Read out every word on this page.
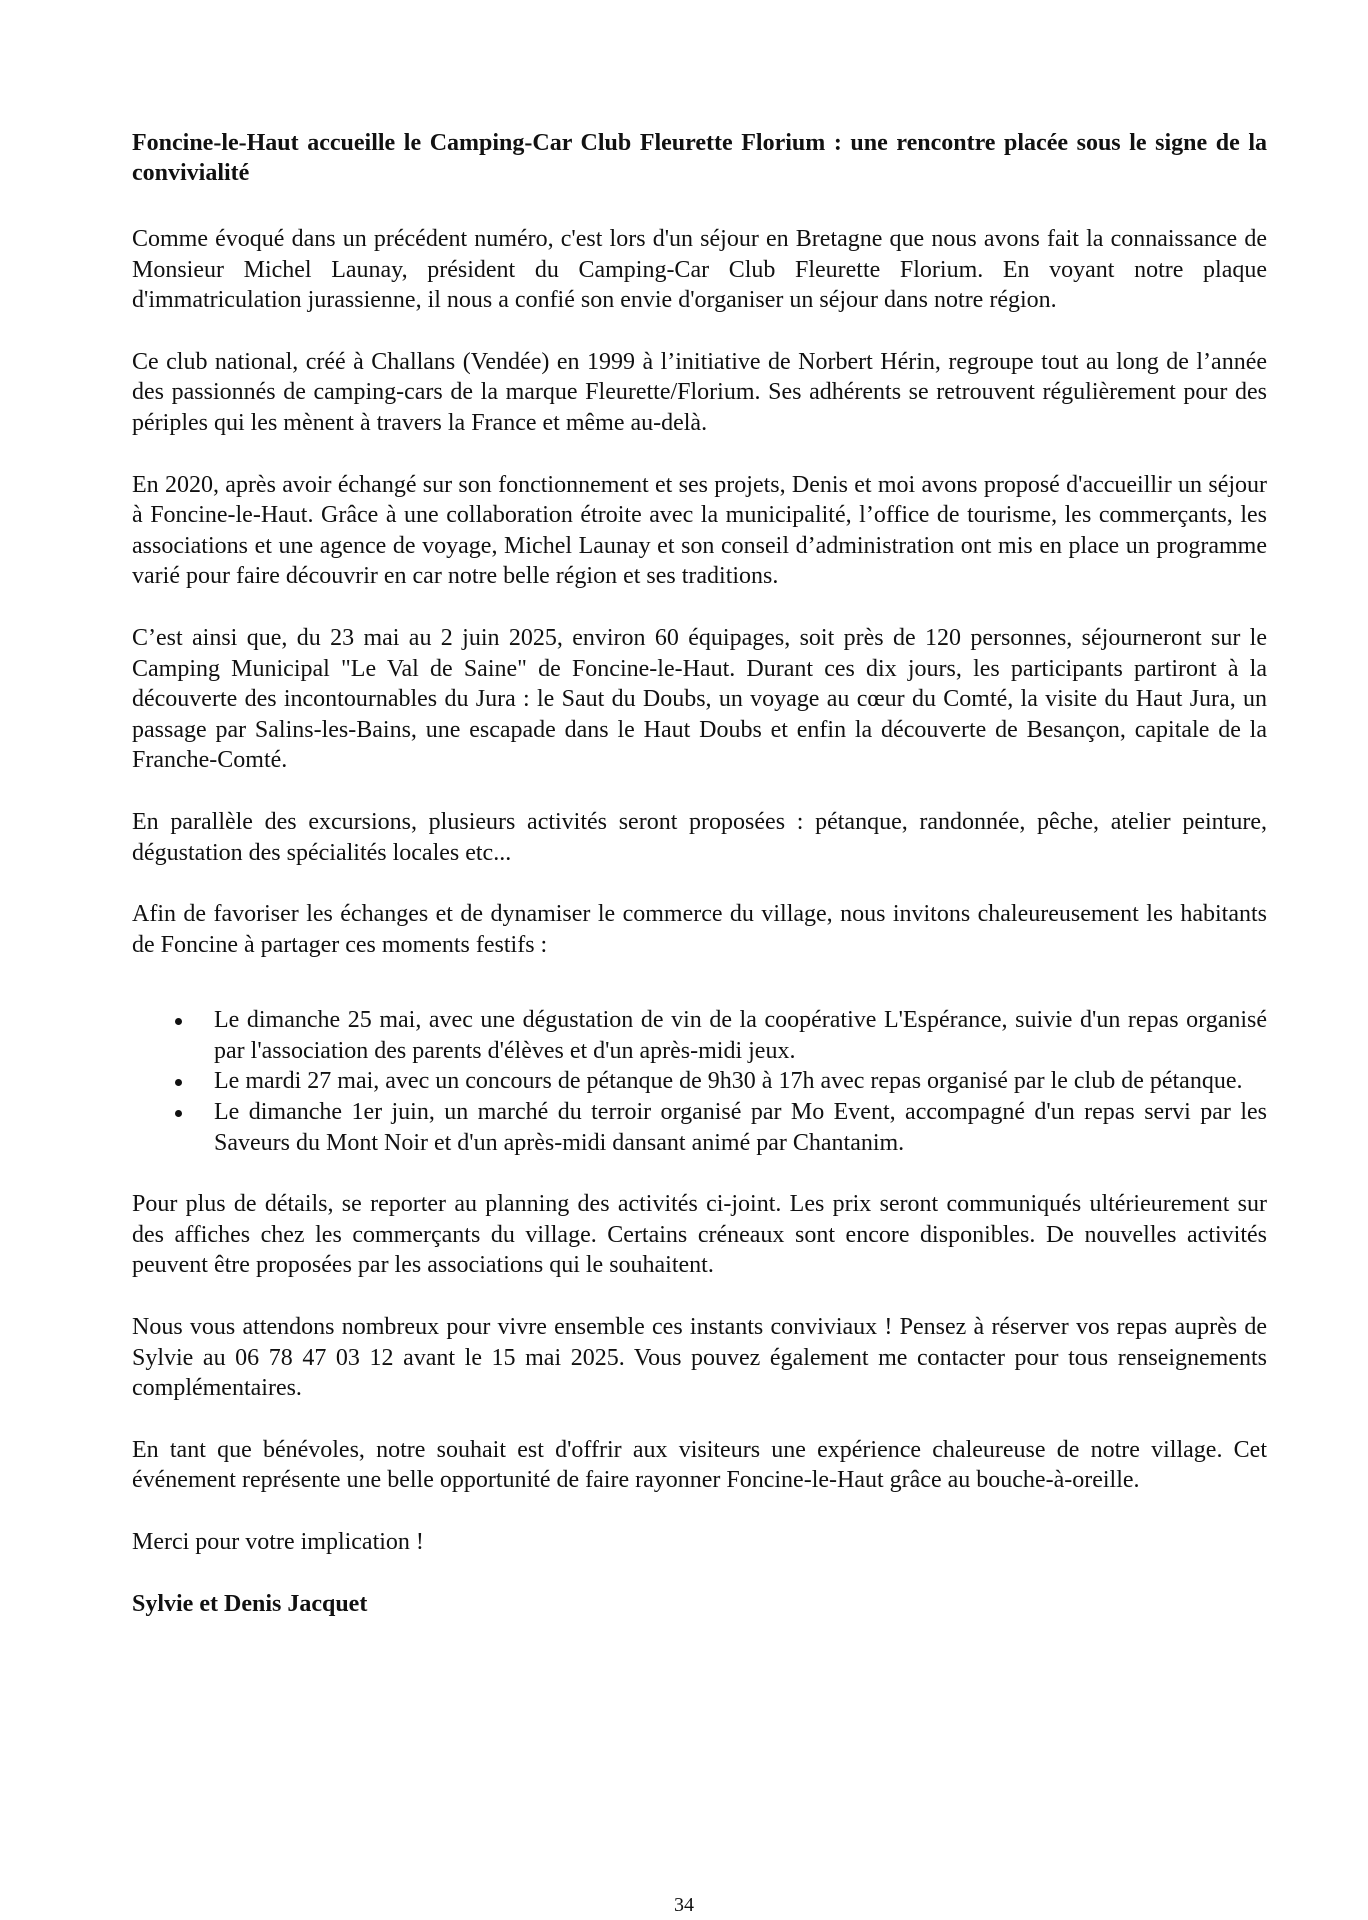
Foncine-le-Haut accueille le Camping-Car Club Fleurette Florium : une rencontre placée sous le signe de la convivialité

Comme évoqué dans un précédent numéro, c'est lors d'un séjour en Bretagne que nous avons fait la connaissance de Monsieur Michel Launay, président du Camping-Car Club Fleurette Florium. En voyant notre plaque d'immatriculation jurassienne, il nous a confié son envie d'organiser un séjour dans notre région.

Ce club national, créé à Challans (Vendée) en 1999 à l’initiative de Norbert Hérin, regroupe tout au long de l’année des passionnés de camping-cars de la marque Fleurette/Florium. Ses adhérents se retrouvent régulièrement pour des périples qui les mènent à travers la France et même au-delà.

En 2020, après avoir échangé sur son fonctionnement et ses projets, Denis et moi avons proposé d'accueillir un séjour à Foncine-le-Haut. Grâce à une collaboration étroite avec la municipalité, l’office de tourisme, les commerçants, les associations et une agence de voyage, Michel Launay et son conseil d’administration ont mis en place un programme varié pour faire découvrir en car notre belle région et ses traditions.

C’est ainsi que, du 23 mai au 2 juin 2025, environ 60 équipages, soit près de 120 personnes, séjourneront sur le Camping Municipal "Le Val de Saine" de Foncine-le-Haut. Durant ces dix jours, les participants partiront à la découverte des incontournables du Jura : le Saut du Doubs, un voyage au cœur du Comté, la visite du Haut Jura, un passage par Salins-les-Bains, une escapade dans le Haut Doubs et enfin la découverte de Besançon, capitale de la Franche-Comté.

En parallèle des excursions, plusieurs activités seront proposées : pétanque, randonnée, pêche, atelier peinture, dégustation des spécialités locales etc...

Afin de favoriser les échanges et de dynamiser le commerce du village, nous invitons chaleureusement les habitants de Foncine à partager ces moments festifs :

Le dimanche 25 mai, avec une dégustation de vin de la coopérative L'Espérance, suivie d'un repas organisé par l'association des parents d'élèves et d'un après-midi jeux.
Le mardi 27 mai, avec un concours de pétanque de 9h30 à 17h avec repas organisé par le club de pétanque.
Le dimanche 1er juin, un marché du terroir organisé par Mo Event, accompagné d'un repas servi par les Saveurs du Mont Noir et d'un après-midi dansant animé par Chantanim.

Pour plus de détails, se reporter au planning des activités ci-joint. Les prix seront communiqués ultérieurement sur des affiches chez les commerçants du village. Certains créneaux sont encore disponibles. De nouvelles activités peuvent être proposées par les associations qui le souhaitent.

Nous vous attendons nombreux pour vivre ensemble ces instants conviviaux ! Pensez à réserver vos repas auprès de Sylvie au 06 78 47 03 12 avant le 15 mai 2025. Vous pouvez également me contacter pour tous renseignements complémentaires.

En tant que bénévoles, notre souhait est d'offrir aux visiteurs une expérience chaleureuse de notre village. Cet événement représente une belle opportunité de faire rayonner Foncine-le-Haut grâce au bouche-à-oreille.

Merci pour votre implication !

Sylvie et Denis Jacquet

34
